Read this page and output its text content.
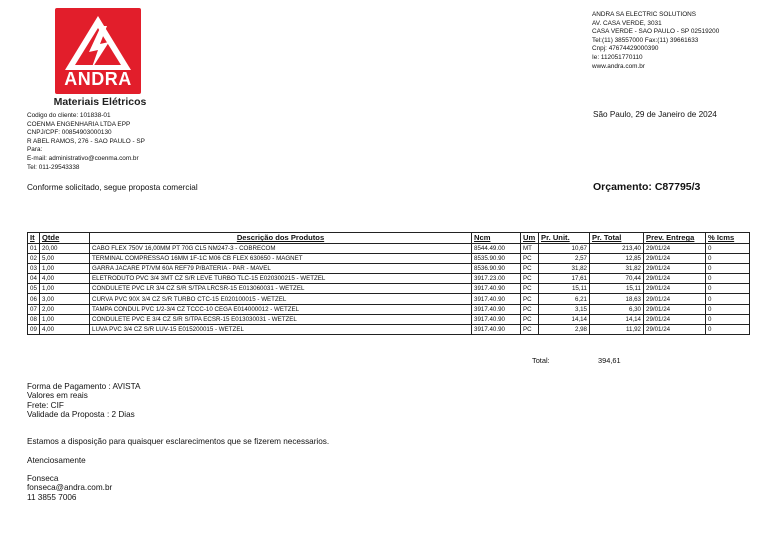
ANDRA
Materiais Elétricos
ANDRA SA ELECTRIC SOLUTIONS
AV. CASA VERDE, 3031
CASA VERDE - SAO PAULO - SP 02519200
Tel:(11) 38557000 Fax:(11) 39661633
Cnpj: 47674429000390
Ie: 112051770110
www.andra.com.br
Codigo do cliente: 101838-01
COENMA ENGENHARIA LTDA EPP
CNPJ/CPF: 00854903000130
R ABEL RAMOS, 276 - SAO PAULO - SP
Para:
E-mail: administrativo@coenma.com.br
Tel: 011-29543338
São Paulo, 29 de Janeiro de 2024
Conforme solicitado, segue proposta comercial	Orçamento: C87795/3
It	Qtde	Descrição dos Produtos	Ncm	Um	Pr. Unit.	Pr. Total	Prev. Entrega	% Icms
01	20,00	CABO FLEX 750V 16,00MM PT 70G CL5 NM247-3 - COBRECOM	8544.49.00	MT	10,67	213,40	29/01/24	0
02	5,00	TERMINAL COMPRESSAO 16MM 1F-1C M06 CB FLEX 630650 - MAGNET	8535.90.90	PC	2,57	12,85	29/01/24	0
03	1,00	GARRA JACARE PT/VM 60A REF79 P/BATERIA - PAR - MAVEL	8536.90.90	PC	31,82	31,82	29/01/24	0
04	4,00	ELETRODUTO PVC 3/4 3MT CZ S/R LEVE TURBO TLC-15 E020300215 - WETZEL	3917.23.00	PC	17,61	70,44	29/01/24	0
05	1,00	CONDULETE PVC LR 3/4 CZ S/R S/TPA LRCSR-15 E013060031 - WETZEL	3917.40.90	PC	15,11	15,11	29/01/24	0
06	3,00	CURVA PVC 90X 3/4 CZ S/R TURBO CTC-15 E020100015 - WETZEL	3917.40.90	PC	6,21	18,63	29/01/24	0
07	2,00	TAMPA CONDUL PVC 1/2-3/4 CZ TCCC-10 CEGA E014000012 - WETZEL	3917.40.90	PC	3,15	6,30	29/01/24	0
08	1,00	CONDULETE PVC E 3/4 CZ S/R S/TPA ECSR-15 E013030031 - WETZEL	3917.40.90	PC	14,14	14,14	29/01/24	0
09	4,00	LUVA PVC 3/4 CZ S/R LUV-15 E015200015 - WETZEL	3917.40.90	PC	2,98	11,92	29/01/24	0
Total:	394,61
Forma de Pagamento : AVISTA
Valores em reais
Frete: CIF
Validade da Proposta : 2 Dias
Estamos a disposição para quaisquer esclarecimentos que se fizerem necessarios.
Atenciosamente
Fonseca
fonseca@andra.com.br
11 3855 7006
